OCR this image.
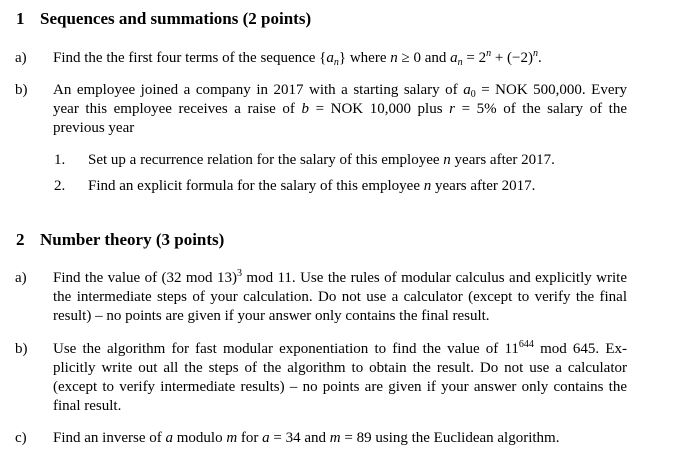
1 Sequences and summations (2 points)
a) Find the the first four terms of the sequence $\{a_n\}$ where n ≥ 0 and $a_n = 2^n + (-2)^n$.
b) An employee joined a company in 2017 with a starting salary of $a_0$ = NOK 500,000. Every year this employee receives a raise of b = NOK 10,000 plus r = 5% of the salary of the previous year
1. Set up a recurrence relation for the salary of this employee n years after 2017.
2. Find an explicit formula for the salary of this employee n years after 2017.
2 Number theory (3 points)
a) Find the value of (32 mod 13)$^3$ mod 11. Use the rules of modular calculus and explicitly write the intermediate steps of your calculation. Do not use a calculator (except to verify the final result) – no points are given if your answer only contains the final result.
b) Use the algorithm for fast modular exponentiation to find the value of $11^{644}$ mod 645. Ex-plicitly write out all the steps of the algorithm to obtain the result. Do not use a calculator (except to verify intermediate results) – no points are given if your answer only contains the final result.
c) Find an inverse of a modulo m for a = 34 and m = 89 using the Euclidean algorithm.
